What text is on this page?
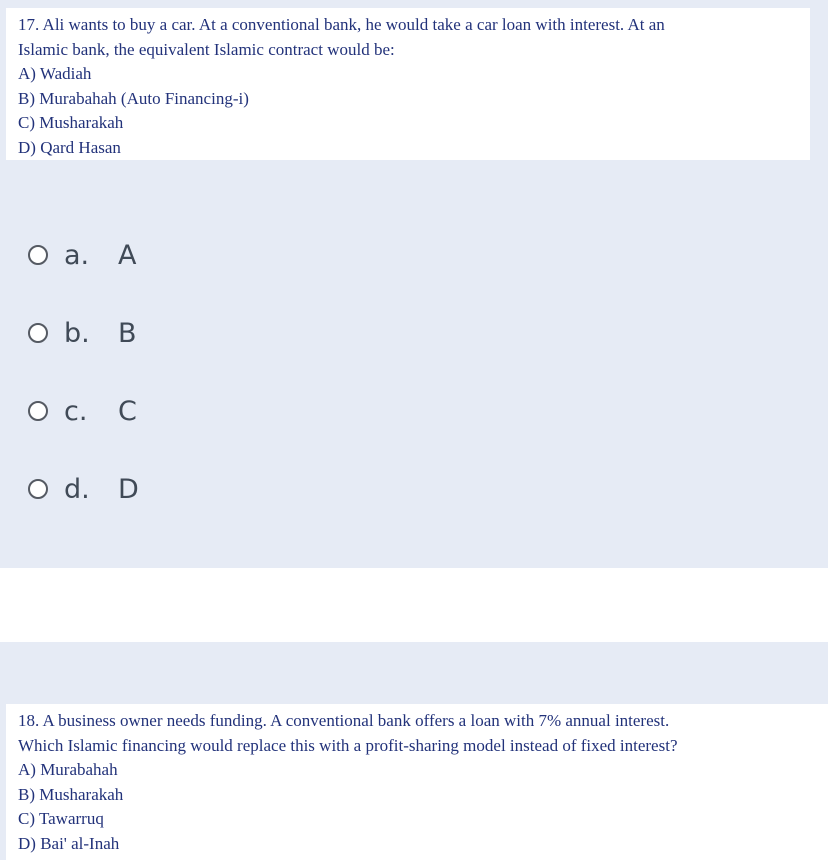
17. Ali wants to buy a car. At a conventional bank, he would take a car loan with interest. At an
Islamic bank, the equivalent Islamic contract would be:
A) Wadiah
B) Murabahah (Auto Financing-i)
C) Musharakah
D) Qard Hasan
a.	A
b.	B
c.	C
d.	D
18. A business owner needs funding. A conventional bank offers a loan with 7% annual interest.
Which Islamic financing would replace this with a profit-sharing model instead of fixed interest?
A) Murabahah
B) Musharakah
C) Tawarruq
D) Bai' al-Inah
